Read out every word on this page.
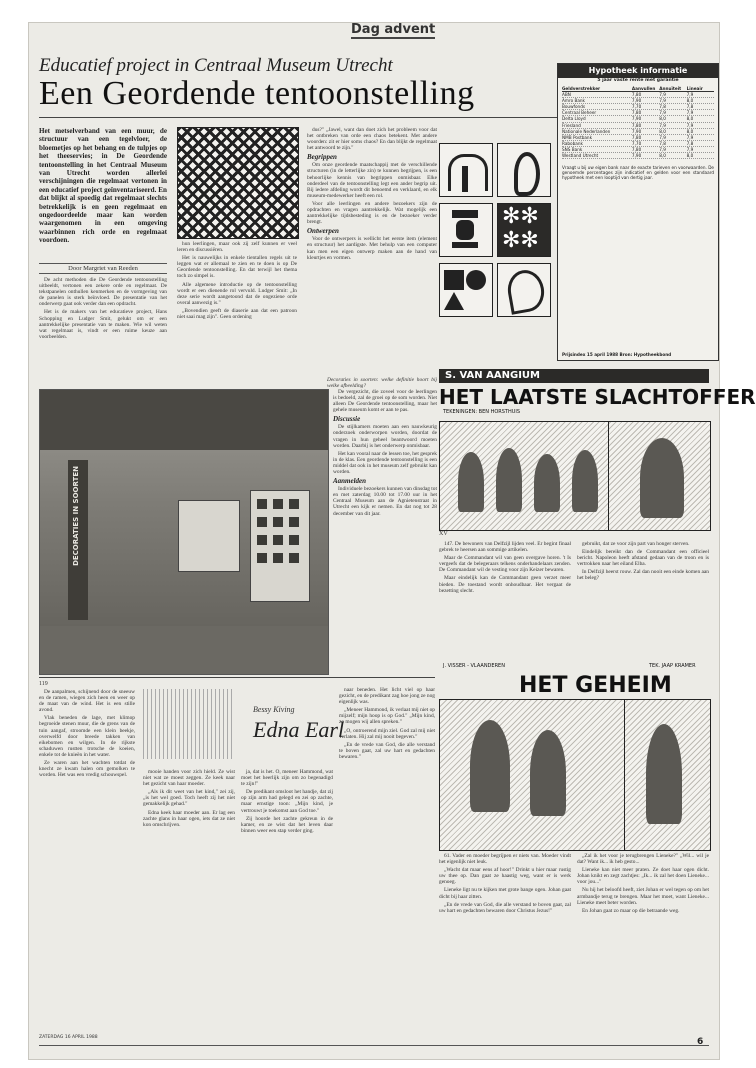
Dag advent
Educatief project in Centraal Museum Utrecht
Een Geordende tentoonstelling
Het metselverband van een muur, de structuur van een tegelvloer, de bloemetjes op het behang en de tulpjes op het theeservies; in De Geordende tentoonstelling in het Centraal Museum van Utrecht worden allerlei verschijningen die regelmaat vertonen in een educatief project geïnventariseerd. En dat blijkt al spoedig dat regelmaat slechts betrekkelijk is en geen regelmaat en ongedoordeelde maar kan worden waargenomen in een omgeving waarbinnen rich orde en regelmaat voordoen.
Door Margriet van Reeden

De acht methoden die De Geordende tentoonstelling uitbeeldt, vertonen een zekere orde en regelmaat. De tekstpanelen onthullen kenmerken en de vormgeving van de panelen is sterk beïnvloed. De presentatie van het onderwerp gaat ook verder dan een opdracht.

Het is de makers van het educatieve project, Hans Schopping en Ludger Smit, gelukt om er een aantrekkelijke presentatie van te maken. Wie wil weten wat regelmaat is, vindt er een ruime keuze aan voorbeelden.

hun leerlingen, maar ook zij zelf kunnen er veel leren en discussiëren.

Het is nauwelijks in enkele tientallen regels uit te leggen wat er allemaal te zien en te doen is op De Geordende tentoonstelling. En dat terwijl het thema toch zo simpel is.

Alle algemene introductie op de tentoonstelling wordt er een dienende rol vervuld. Ludger Smit: „In deze serie wordt aangetoond dat de ongeziene orde overal aanwezig is."

„Bovendien geeft de diaserie aan dat een patroon niet saai mag zijn". Geen ordening

dus?" „Jawel, want dan doet zich het probleem voor dat het ontbreken van orde een chaos betekent. Met andere woorden: zit er hier soms chaos? En dan blijkt de regelmaat het antwoord te zijn."

Begrippen

Om onze geordende maatschappij met de verschillende structuren (in de letterlijke zin) te kunnen begrijpen, is een behoorlijke kennis van begrippen onmisbaar. Elke onderdeel van de tentoonstelling legt een ander begrip uit. Bij iedere afdeling wordt dit benoemd en verklaard, en elk museum-medewerker heeft een rol.

Voor alle leerlingen en andere bezoekers zijn de opdrachten en vragen aantrekkelijk. Wat mogelijk een aantrekkelijke tijdsbesteding is en de bezoeker verder brengt.

Ontwerpen

Voor de ontwerpers is wellicht het eerste item (element en structuur) het aardigste. Met behulp van een computer kan men een eigen ontwerp maken aan de hand van kleurtjes en vormen.

✻✻
✻✻
DECORATIES IN SOORTEN

De vergezicht, die zoveel voor de leerlingen is bedoeld, zal de groei op de som worden. Niet alleen De Geordende tentoonstelling, maar het gehele museum komt er aan te pas.

Discussie

De stijlkamers moeten aan een nauwkeurig onderzoek onderworpen worden, doordat de vragen in hun geheel beantwoord moeten worden. Daarbij is het onderwerp onmisbaar.

Het kan vooral naar de lessen toe, het gesprek in de klas. Een geordende tentoonstelling is een middel dat ook in het museum zelf gebruikt kan worden.

Aanmelden

Individuele bezoekers kunnen van dinsdag tot en met zaterdag 10.00 tot 17.00 uur in het Centraal Museum aan de Agnietenstraat in Utrecht een kijk er nemen. En dat nog tot 28 december van dit jaar.

Decoraties in soorten: welke definitie hoort bij welke afbeelding?
Hypotheek informatie
5 jaar vaste rente met garantie
Geldverstrekker	Aanvullen Annuïteit	Lineair
ABN	7,80	7,9	7,9
Amro Bank	7,90	7,9	8,0
Bouwfonds	7,70	7,8	7,8
Centraal Beheer	7,80	7,9	7,9
Delta Lloyd	7,90	8,0	8,0
Friesland	7,80	7,9	7,9
Nationale Nederlanden	7,90	8,0	8,0
NMB Postbank	7,80	7,9	7,9
Rabobank	7,70	7,8	7,8
SNS Bank	7,80	7,9	7,9
Westland Utrecht	7,90	8,0	8,0
Vraagt u bij uw eigen bank naar de exacte tarieven en voorwaarden. De genoemde percentages zijn indicatief en gelden voor een standaard hypotheek met een looptijd van dertig jaar.
Prijsindex 15 april 1988 Bron: Hypotheekbond
S. VAN AANGIUM
HET LAATSTE SLACHTOFFER
TEKENINGEN: BEN HORSTHUIS
XV

147. De bewoners van Delfzijl lijden veel. Er begint finaal gebrek te heersen aan sommige artikelen.

Maar de Commandant wil van geen overgave horen. 't Is vergeefs dat de belegeraars telkens onderhandelaars zenden. De Commandant wil de vesting voor zijn Keizer bewaren.

Maar eindelijk kan de Commandant geen verzet meer bieden. De toestand wordt onhoudbaar. Het vergaat de bezetting slecht.

gebruikt, dat ze voor zijn part van honger sterven.

Eindelijk bereikt dan de Commandant een officieel bericht. Napoleon heeft afstand gedaan van de troon en is vertrokken naar het eiland Elba.

In Delfzijl heerst rouw. Zal dan nooit een einde komen aan het beleg?

J. VISSER - VLAANDEREN	TEK. JAAP KRAMER
HET GEHEIM

61. Vader en moeder begrijpen er niets van. Moeder vindt het eigenlijk niet leuk.

„Wacht dat maar eens af hoor!" Drinkt u hier maar rustig uw thee op. Dan gaat ze haastig weg, want er is werk genoeg.

Lieneke ligt nu te kijken met grote bange ogen. Johan gaat dicht bij haar zitten.

„En de vrede van God, die alle verstand te boven gaat, zal uw hart en gedachten bewaren door Christus Jezus!"

„Zal ik het voor je terugbrengen Lieneke?" „Wil... wil je dat? Want ik... ik heb gesto...

Lieneke kan niet meer praten. Ze doet haar ogen dicht. Johan knikt en zegt zachtjes: „Ik... ik zal het doen Lieneke... voor jou..."

Nu hij het beloofd heeft, ziet Johan er wel tegen op om het armbandje terug te brengen. Maar het moet, want Lieneke... Lieneke meet beter worden.

En Johan gaat zo maar op die betraande weg.

119

De aanpalmen, schijnend door de sneeuw en de ramen, wiegen zich heen en weer op de maat van de wind. Het is een stille avond.

Vlak beneden de lage, met klimop begroeide stenen muur, die de grens van de tuin aangaf, stroomde een klein beekje, overwelfd door breede takken van eikebomen en wilgen. In de rijkste schaduwen rustten trotsche de koeien, enkele tot de knieën in het water.

Ze waren aan het wachten totdat de knecht ze kwam halen om gemolken te worden. Het was een vredig schouwspel.

Bessy Kiving
Edna Earl

mooie handen voor zich hield. Ze wist niet wat ze moest zeggen. Ze keek naar het gezicht van haar moeder.

„Als ik dit weet van het kind," zei zij, „is het wel goed. Toch heeft zij het niet gemakkelijk gehad."

Edna keek haar moeder aan. Er lag een zachte glans in haar ogen, iets dat ze niet kon omschrijven.

ja, dat is het. O, meneer Hammond, wat moet het heerlijk zijn om zo begenadigd te zijn!"

De predikant omsloot het handje, dat zij op zijn arm had gelegd en zei op zachte, maar ernstige toon: „Mijn kind, je vertrouwt je toekomst aan God toe."

Zij hoorde het zachte gekreun in de kamer, en ze wist dat het leven daar binnen weer een stap verder ging.

naar beneden. Het licht viel op haar gezicht, en de predikant zag hoe jong ze nog eigenlijk was.

„Meneer Hammond, ik verlaat mij niet op mijzelf; mijn hoop is op God." „Mijn kind, zo mogen wij allen spreken."

„O, ontroerend mijn ziel. God zal mij niet verlaten. Hij zal mij nooit begeven."

„En de vrede van God, die alle verstand te boven gaat, zal uw hart en gedachten bewaren."

ZATERDAG 16 APRIL 1988	6
